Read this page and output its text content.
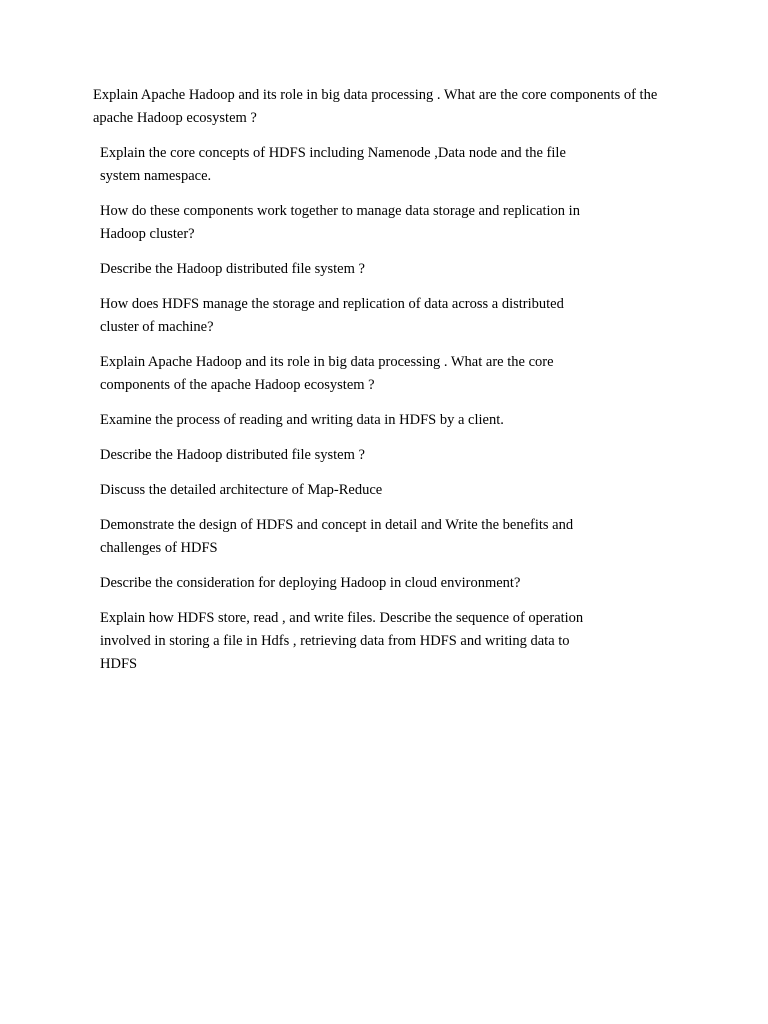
Explain Apache Hadoop and its role in big data processing . What are the core components of the apache Hadoop ecosystem ?

Explain the core concepts of HDFS including Namenode ,Data node and the file system namespace.
How do these components work together to manage data storage and replication in Hadoop cluster?
Describe the Hadoop distributed file system ?
How does HDFS manage the storage and replication of data across a distributed cluster of machine?
Explain Apache Hadoop and its role in big data processing . What are the core components of the apache Hadoop ecosystem ?
Examine the process of reading and writing data in HDFS by a client.
Describe the Hadoop distributed file system ?
Discuss the detailed architecture of Map-Reduce
Demonstrate the design of HDFS and concept in detail and Write the benefits and challenges of HDFS
Describe the consideration for deploying Hadoop in cloud environment?
Explain how HDFS store, read , and write files. Describe the sequence of operation involved in storing a file in Hdfs , retrieving data from HDFS and writing data to HDFS
